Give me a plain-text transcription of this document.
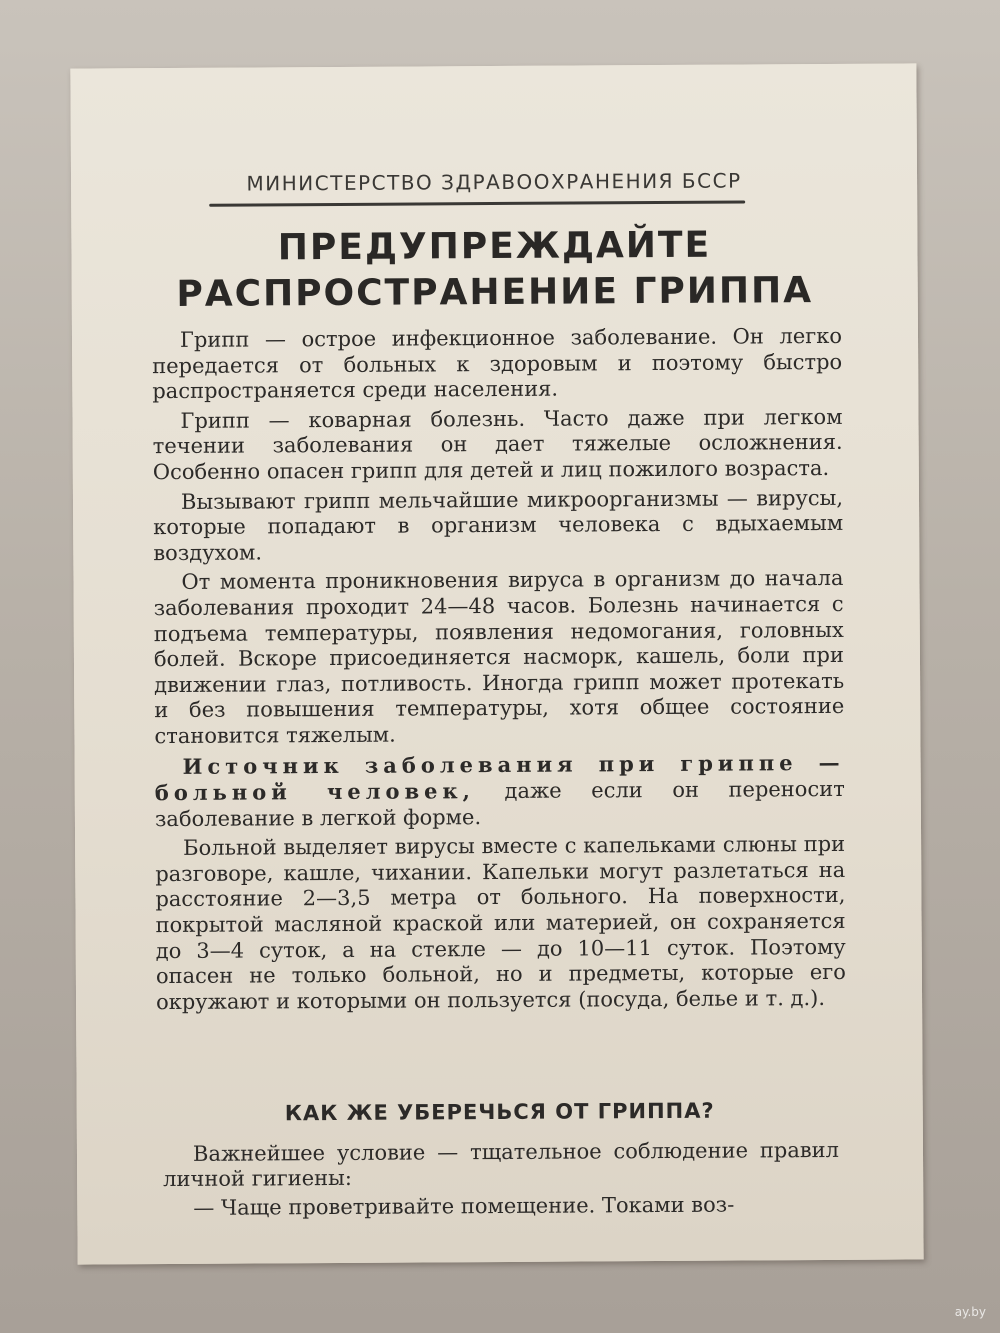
МИНИСТЕРСТВО ЗДРАВООХРАНЕНИЯ БССР
ПРЕДУПРЕЖДАЙТЕ
РАСПРОСТРАНЕНИЕ ГРИППА

Грипп — острое инфекционное заболевание. Он легко передается от больных к здоровым и поэтому быстро распространяется среди населения.

Грипп — коварная болезнь. Часто даже при легком течении заболевания он дает тяжелые осложнения. Особенно опасен грипп для детей и лиц пожилого возраста.

Вызывают грипп мельчайшие микроорганизмы — вирусы, которые попадают в организм человека с вдыхаемым воздухом.

От момента проникновения вируса в организм до начала заболевания проходит 24—48 часов. Болезнь начинается с подъема температуры, появления недомогания, головных болей. Вскоре присоединяется насморк, кашель, боли при движении глаз, потливость. Иногда грипп может протекать и без повышения температуры, хотя общее состояние становится тяжелым.

Источник заболевания при гриппе — больной человек, даже если он переносит заболевание в легкой форме.

Больной выделяет вирусы вместе с капельками слюны при разговоре, кашле, чихании. Капельки могут разлетаться на расстояние 2—3,5 метра от больного. На поверхности, покрытой масляной краской или материей, он сохраняется до 3—4 суток, а на стекле — до 10—11 суток. Поэтому опасен не только больной, но и предметы, которые его окружают и которыми он пользуется (посуда, белье и т. д.).

КАК ЖЕ УБЕРЕЧЬСЯ ОТ ГРИППА?

Важнейшее условие — тщательное соблюдение правил личной гигиены:

— Чаще проветривайте помещение. Токами воз-

ay.by
